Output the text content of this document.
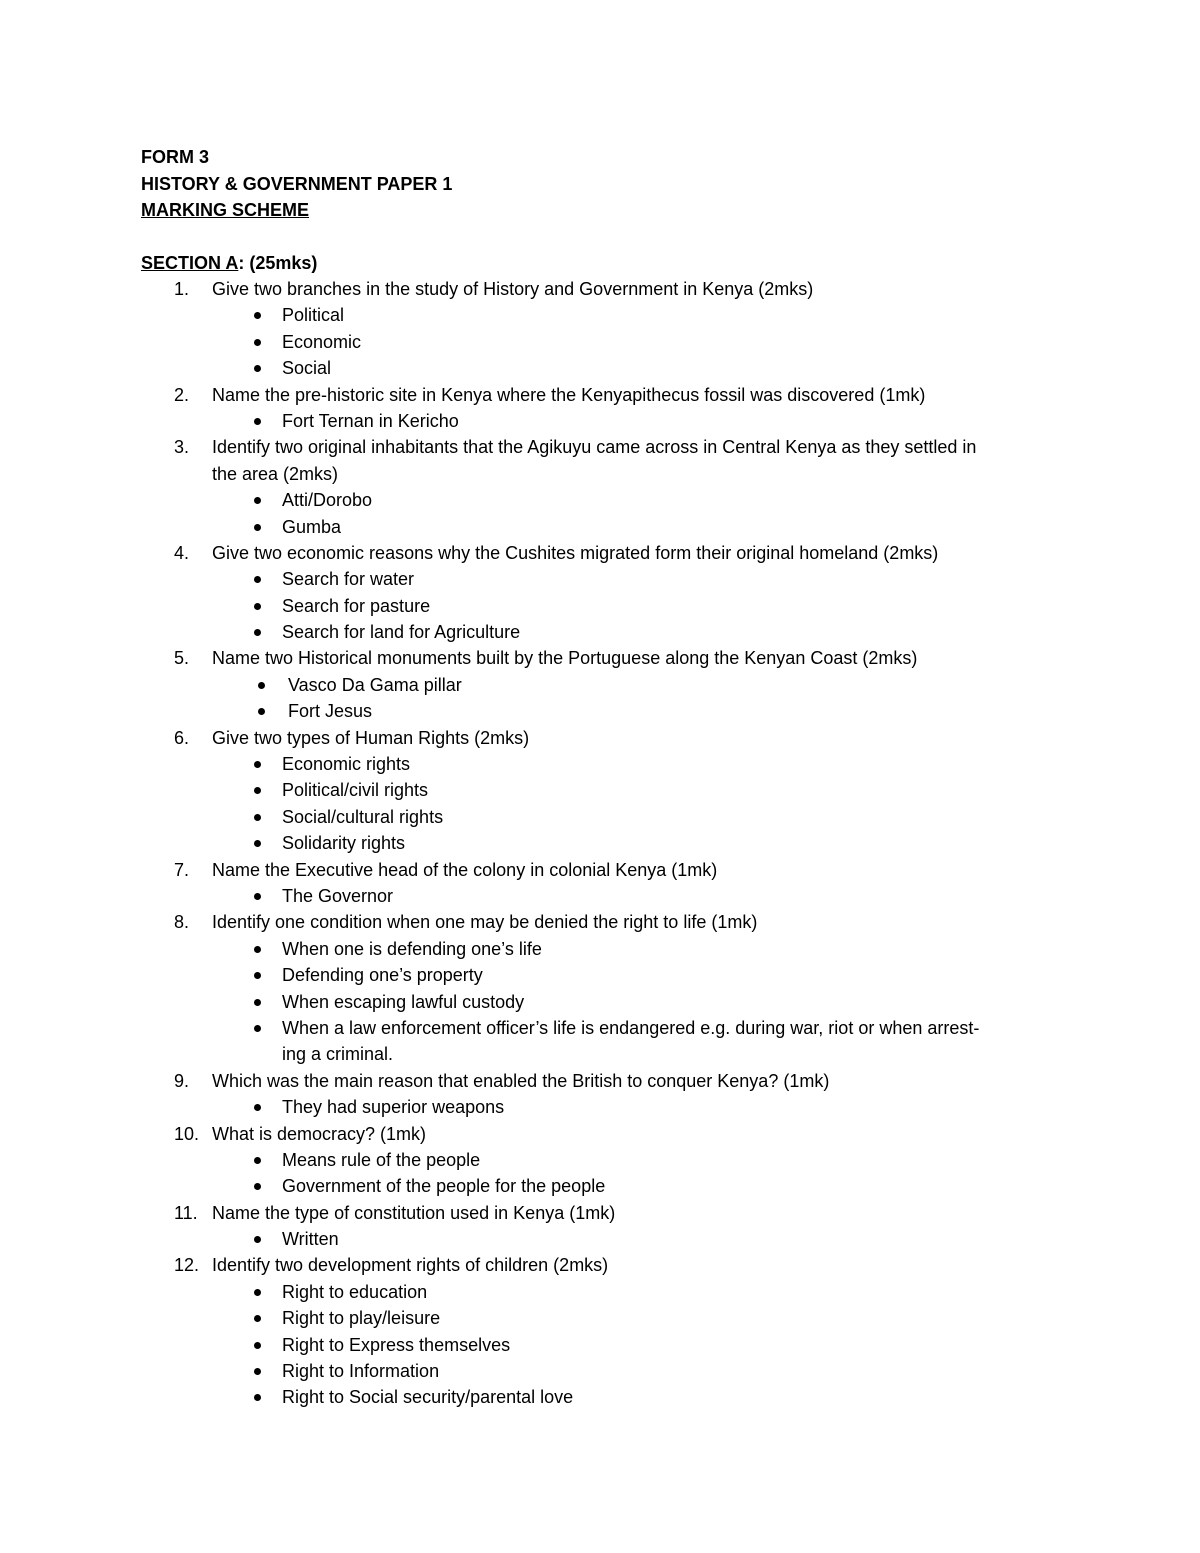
FORM 3
HISTORY & GOVERNMENT PAPER 1
MARKING SCHEME
SECTION A: (25mks)
1.	Give two branches in the study of History and Government in Kenya (2mks)
Political
Economic
Social
2.	Name the pre-historic site in Kenya where the Kenyapithecus fossil was discovered (1mk)
Fort Ternan in Kericho
3.	Identify two original inhabitants that the Agikuyu came across in Central Kenya as they settled in
the area (2mks)
Atti/Dorobo
Gumba
4.	Give two economic reasons why the Cushites migrated form their original homeland (2mks)
Search for water
Search for pasture
Search for land for Agriculture
5.	Name two Historical monuments built by the Portuguese along the Kenyan Coast (2mks)
Vasco Da Gama pillar
Fort Jesus
6.	Give two types of Human Rights (2mks)
Economic rights
Political/civil rights
Social/cultural rights
Solidarity rights
7.	Name the Executive head of the colony in colonial Kenya (1mk)
The Governor
8.	Identify one condition when one may be denied the right to life (1mk)
When one is defending one’s life
Defending one’s property
When escaping lawful custody
When a law enforcement officer’s life is endangered e.g. during war, riot or when arrest-
ing a criminal.
9.	Which was the main reason that enabled the British to conquer Kenya? (1mk)
They had superior weapons
10. What is democracy? (1mk)
Means rule of the people
Government of the people for the people
11. Name the type of constitution used in Kenya (1mk)
Written
12. Identify two development rights of children (2mks)
Right to education
Right to play/leisure
Right to Express themselves
Right to Information
Right to Social security/parental love
